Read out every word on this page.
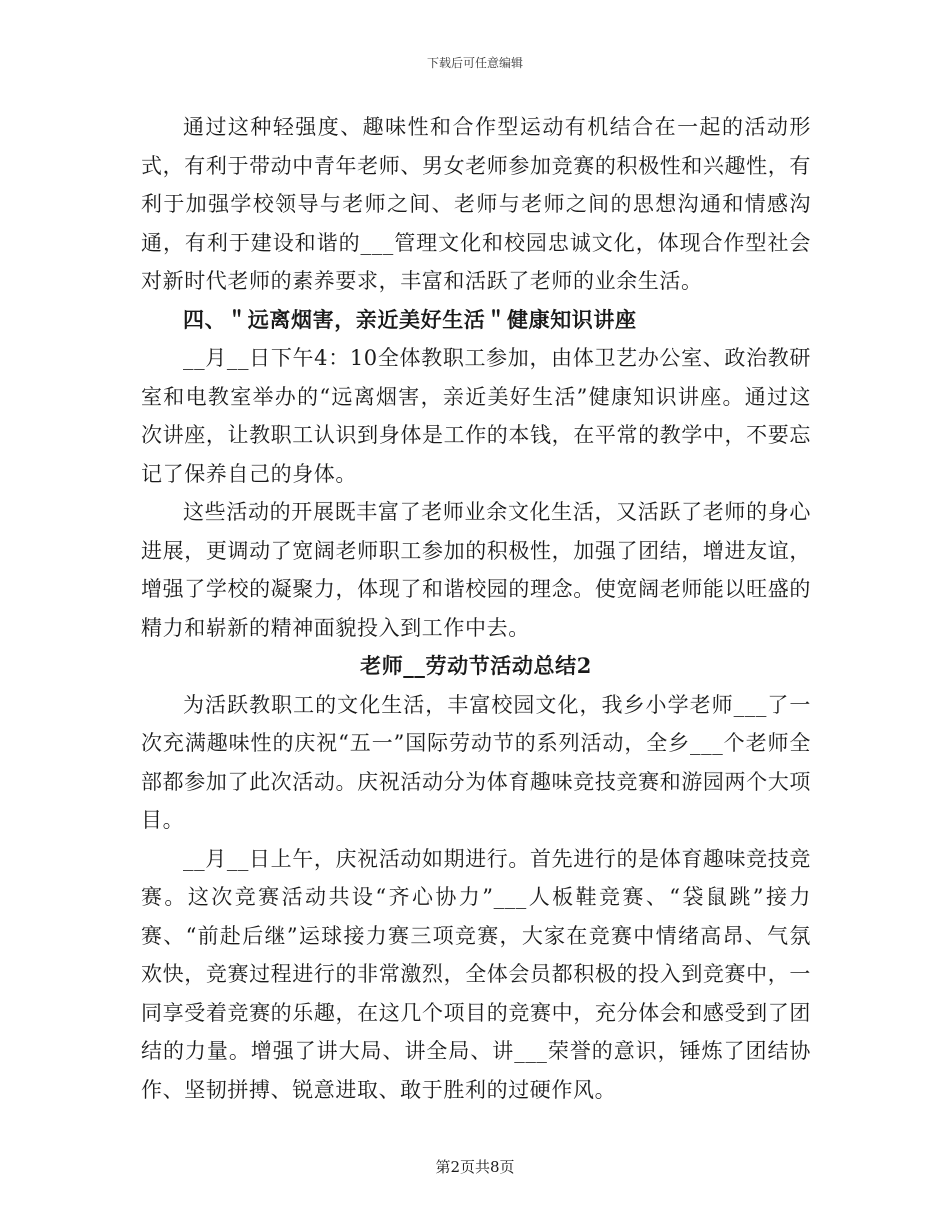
下载后可任意编辑

通过这种轻强度、趣味性和合作型运动有机结合在一起的活动形式，有利于带动中青年老师、男女老师参加竞赛的积极性和兴趣性，有利于加强学校领导与老师之间、老师与老师之间的思想沟通和情感沟通，有利于建设和谐的___管理文化和校园忠诚文化，体现合作型社会对新时代老师的素养要求，丰富和活跃了老师的业余生活。

四、＂远离烟害，亲近美好生活＂健康知识讲座

__月__日下午4：10全体教职工参加，由体卫艺办公室、政治教研室和电教室举办的“远离烟害，亲近美好生活”健康知识讲座。通过这次讲座，让教职工认识到身体是工作的本钱，在平常的教学中，不要忘记了保养自己的身体。

这些活动的开展既丰富了老师业余文化生活，又活跃了老师的身心进展，更调动了宽阔老师职工参加的积极性，加强了团结，增进友谊，增强了学校的凝聚力，体现了和谐校园的理念。使宽阔老师能以旺盛的精力和崭新的精神面貌投入到工作中去。

老师__劳动节活动总结2

为活跃教职工的文化生活，丰富校园文化，我乡小学老师___了一次充满趣味性的庆祝“五一”国际劳动节的系列活动，全乡___个老师全部都参加了此次活动。庆祝活动分为体育趣味竞技竞赛和游园两个大项目。

__月__日上午，庆祝活动如期进行。首先进行的是体育趣味竞技竞赛。这次竞赛活动共设“齐心协力”___人板鞋竞赛、“袋鼠跳”接力赛、“前赴后继”运球接力赛三项竞赛，大家在竞赛中情绪高昂、气氛欢快，竞赛过程进行的非常激烈，全体会员都积极的投入到竞赛中，一同享受着竞赛的乐趣，在这几个项目的竞赛中，充分体会和感受到了团结的力量。增强了讲大局、讲全局、讲___荣誉的意识，锤炼了团结协作、坚韧拼搏、锐意进取、敢于胜利的过硬作风。

第2页共8页
